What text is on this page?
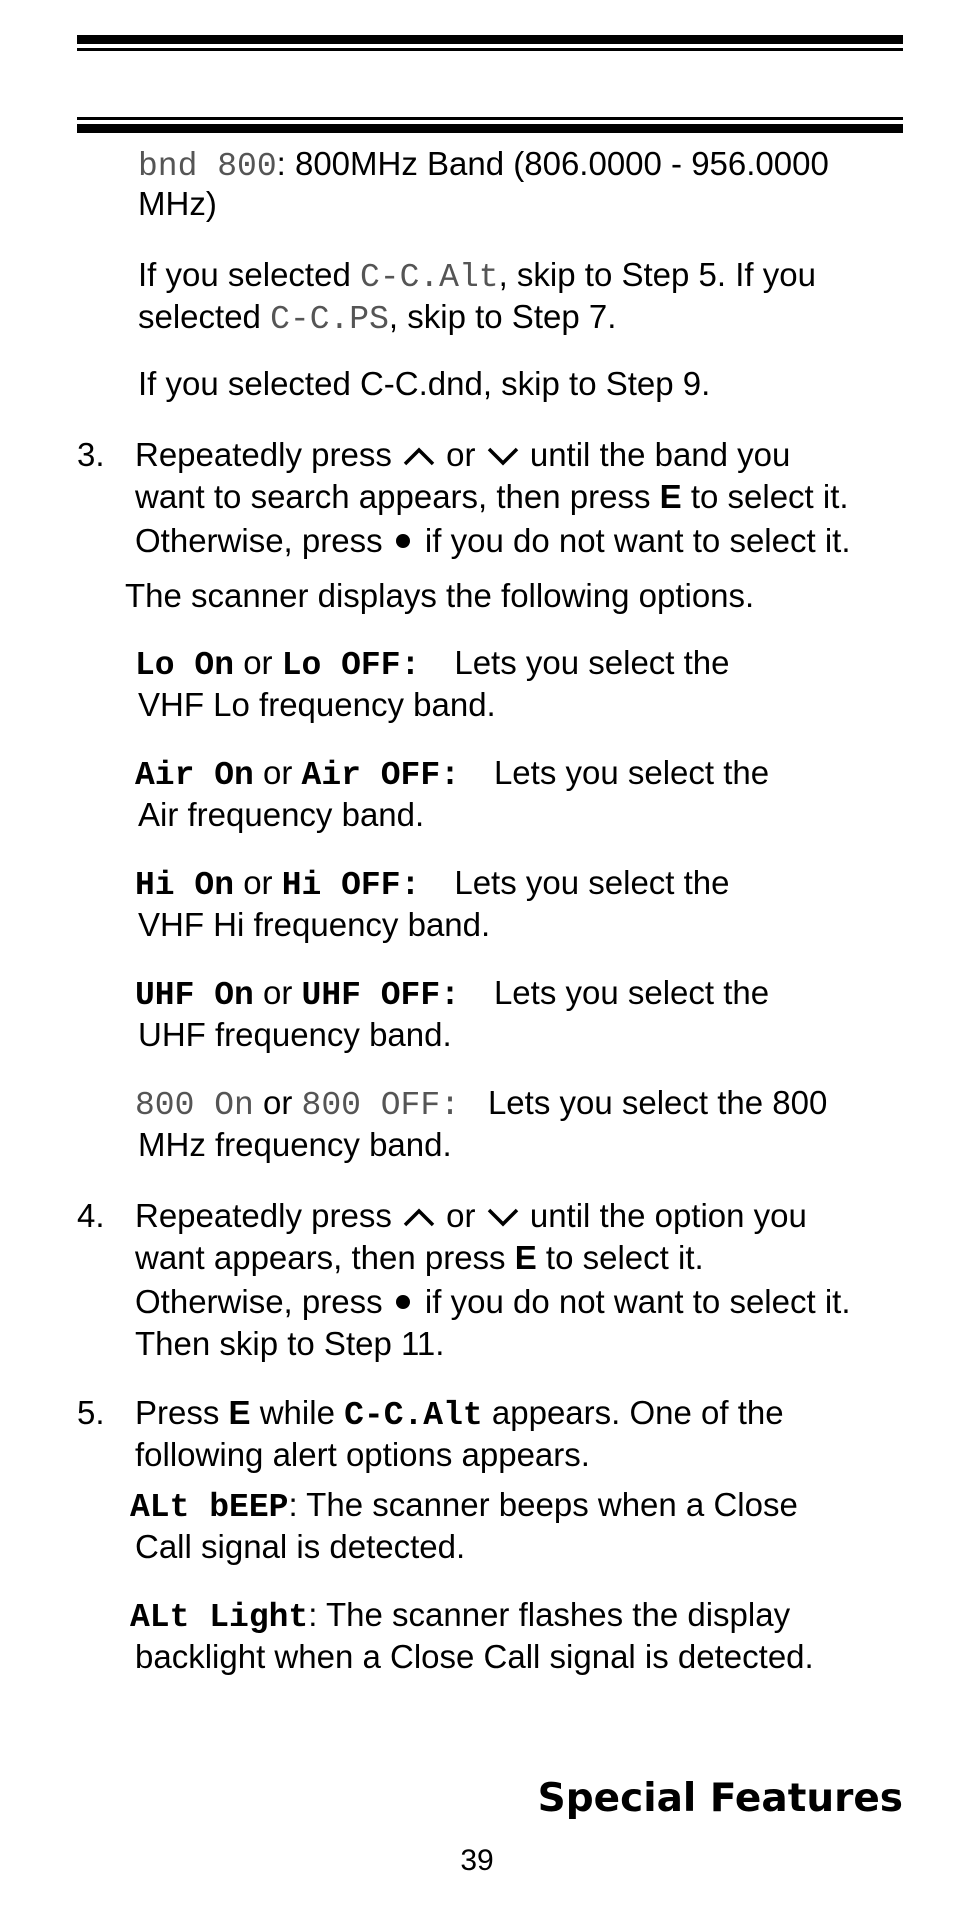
bnd 800: 800MHz Band (806.0000 - 956.0000
MHz)
If you selected C-C.Alt, skip to Step 5. If you
selected C-C.PS, skip to Step 7.
If you selected C-C.dnd, skip to Step 9.
3. Repeatedly press
or
until the band you
want to search appears, then press E to select it.
Otherwise, press  if you do not want to select it.
The scanner displays the following options.
Lo On or Lo OFF: Lets you select the
VHF Lo frequency band.
Air On or Air OFF: Lets you select the
Air frequency band.
Hi On or Hi OFF: Lets you select the
VHF Hi frequency band.
UHF On or UHF OFF: Lets you select the
UHF frequency band.
800 On or 800 OFF: Lets you select the 800
MHz frequency band.
4. Repeatedly press
or
until the option you
want appears, then press E to select it.
Otherwise, press  if you do not want to select it.
Then skip to Step 11.
5. Press E while C-C.Alt appears. One of the
following alert options appears.
ALt bEEP: The scanner beeps when a Close
Call signal is detected.
ALt Light: The scanner flashes the display
backlight when a Close Call signal is detected.
Special Features
39
